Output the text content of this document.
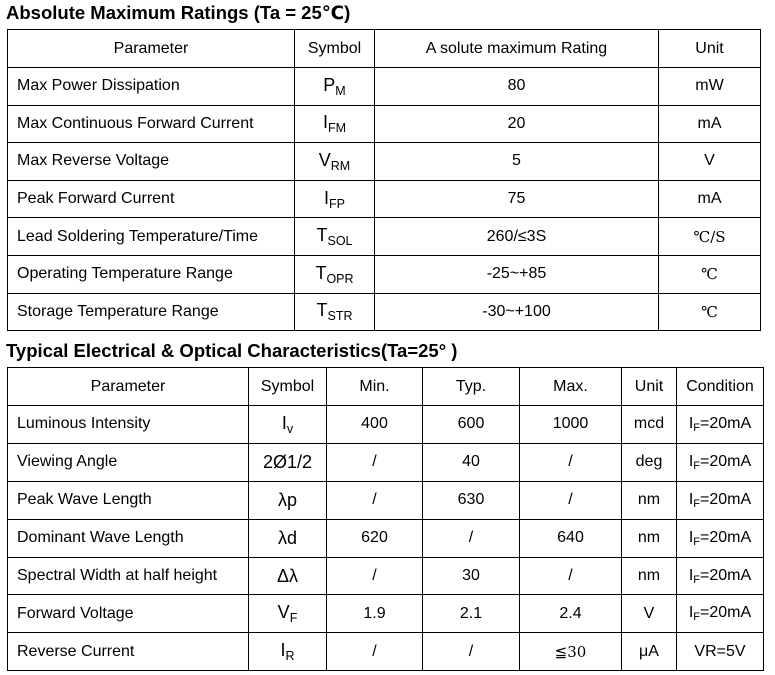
Absolute Maximum Ratings (Ta = 25℃)
Parameter	Symbol	A solute maximum Rating	Unit
Max Power Dissipation	$P_M$	80	mW
Max Continuous Forward Current	$I_{FM}$	20	mA
Max Reverse Voltage	$V_{RM}$	5	V
Peak Forward Current	$I_{FP}$	75	mA
Lead Soldering Temperature/Time	$T_{SOL}$	260/≤3S	℃/S
Operating Temperature Range	$T_{OPR}$	-25~+85	℃
Storage Temperature Range	$T_{STR}$	-30~+100	℃
Typical Electrical & Optical Characteristics(Ta=25° )
Parameter	Symbol	Min.	Typ.	Max.	Unit	Condition
Luminous Intensity	$I_v$	400	600	1000	mcd	$I_F=20mA$
Viewing Angle	2Ø1/2	/	40	/	deg	$I_F=20mA$
Peak Wave Length	λp	/	630	/	nm	$I_F=20mA$
Dominant Wave Length	λd	620	/	640	nm	$I_F=20mA$
Spectral Width at half height	Δλ	/	30	/	nm	$I_F=20mA$
Forward Voltage	$V_F$	1.9	2.1	2.4	V	$I_F=20mA$
Reverse Current	$I_R$	/	/	≦30	μA	VR=5V
